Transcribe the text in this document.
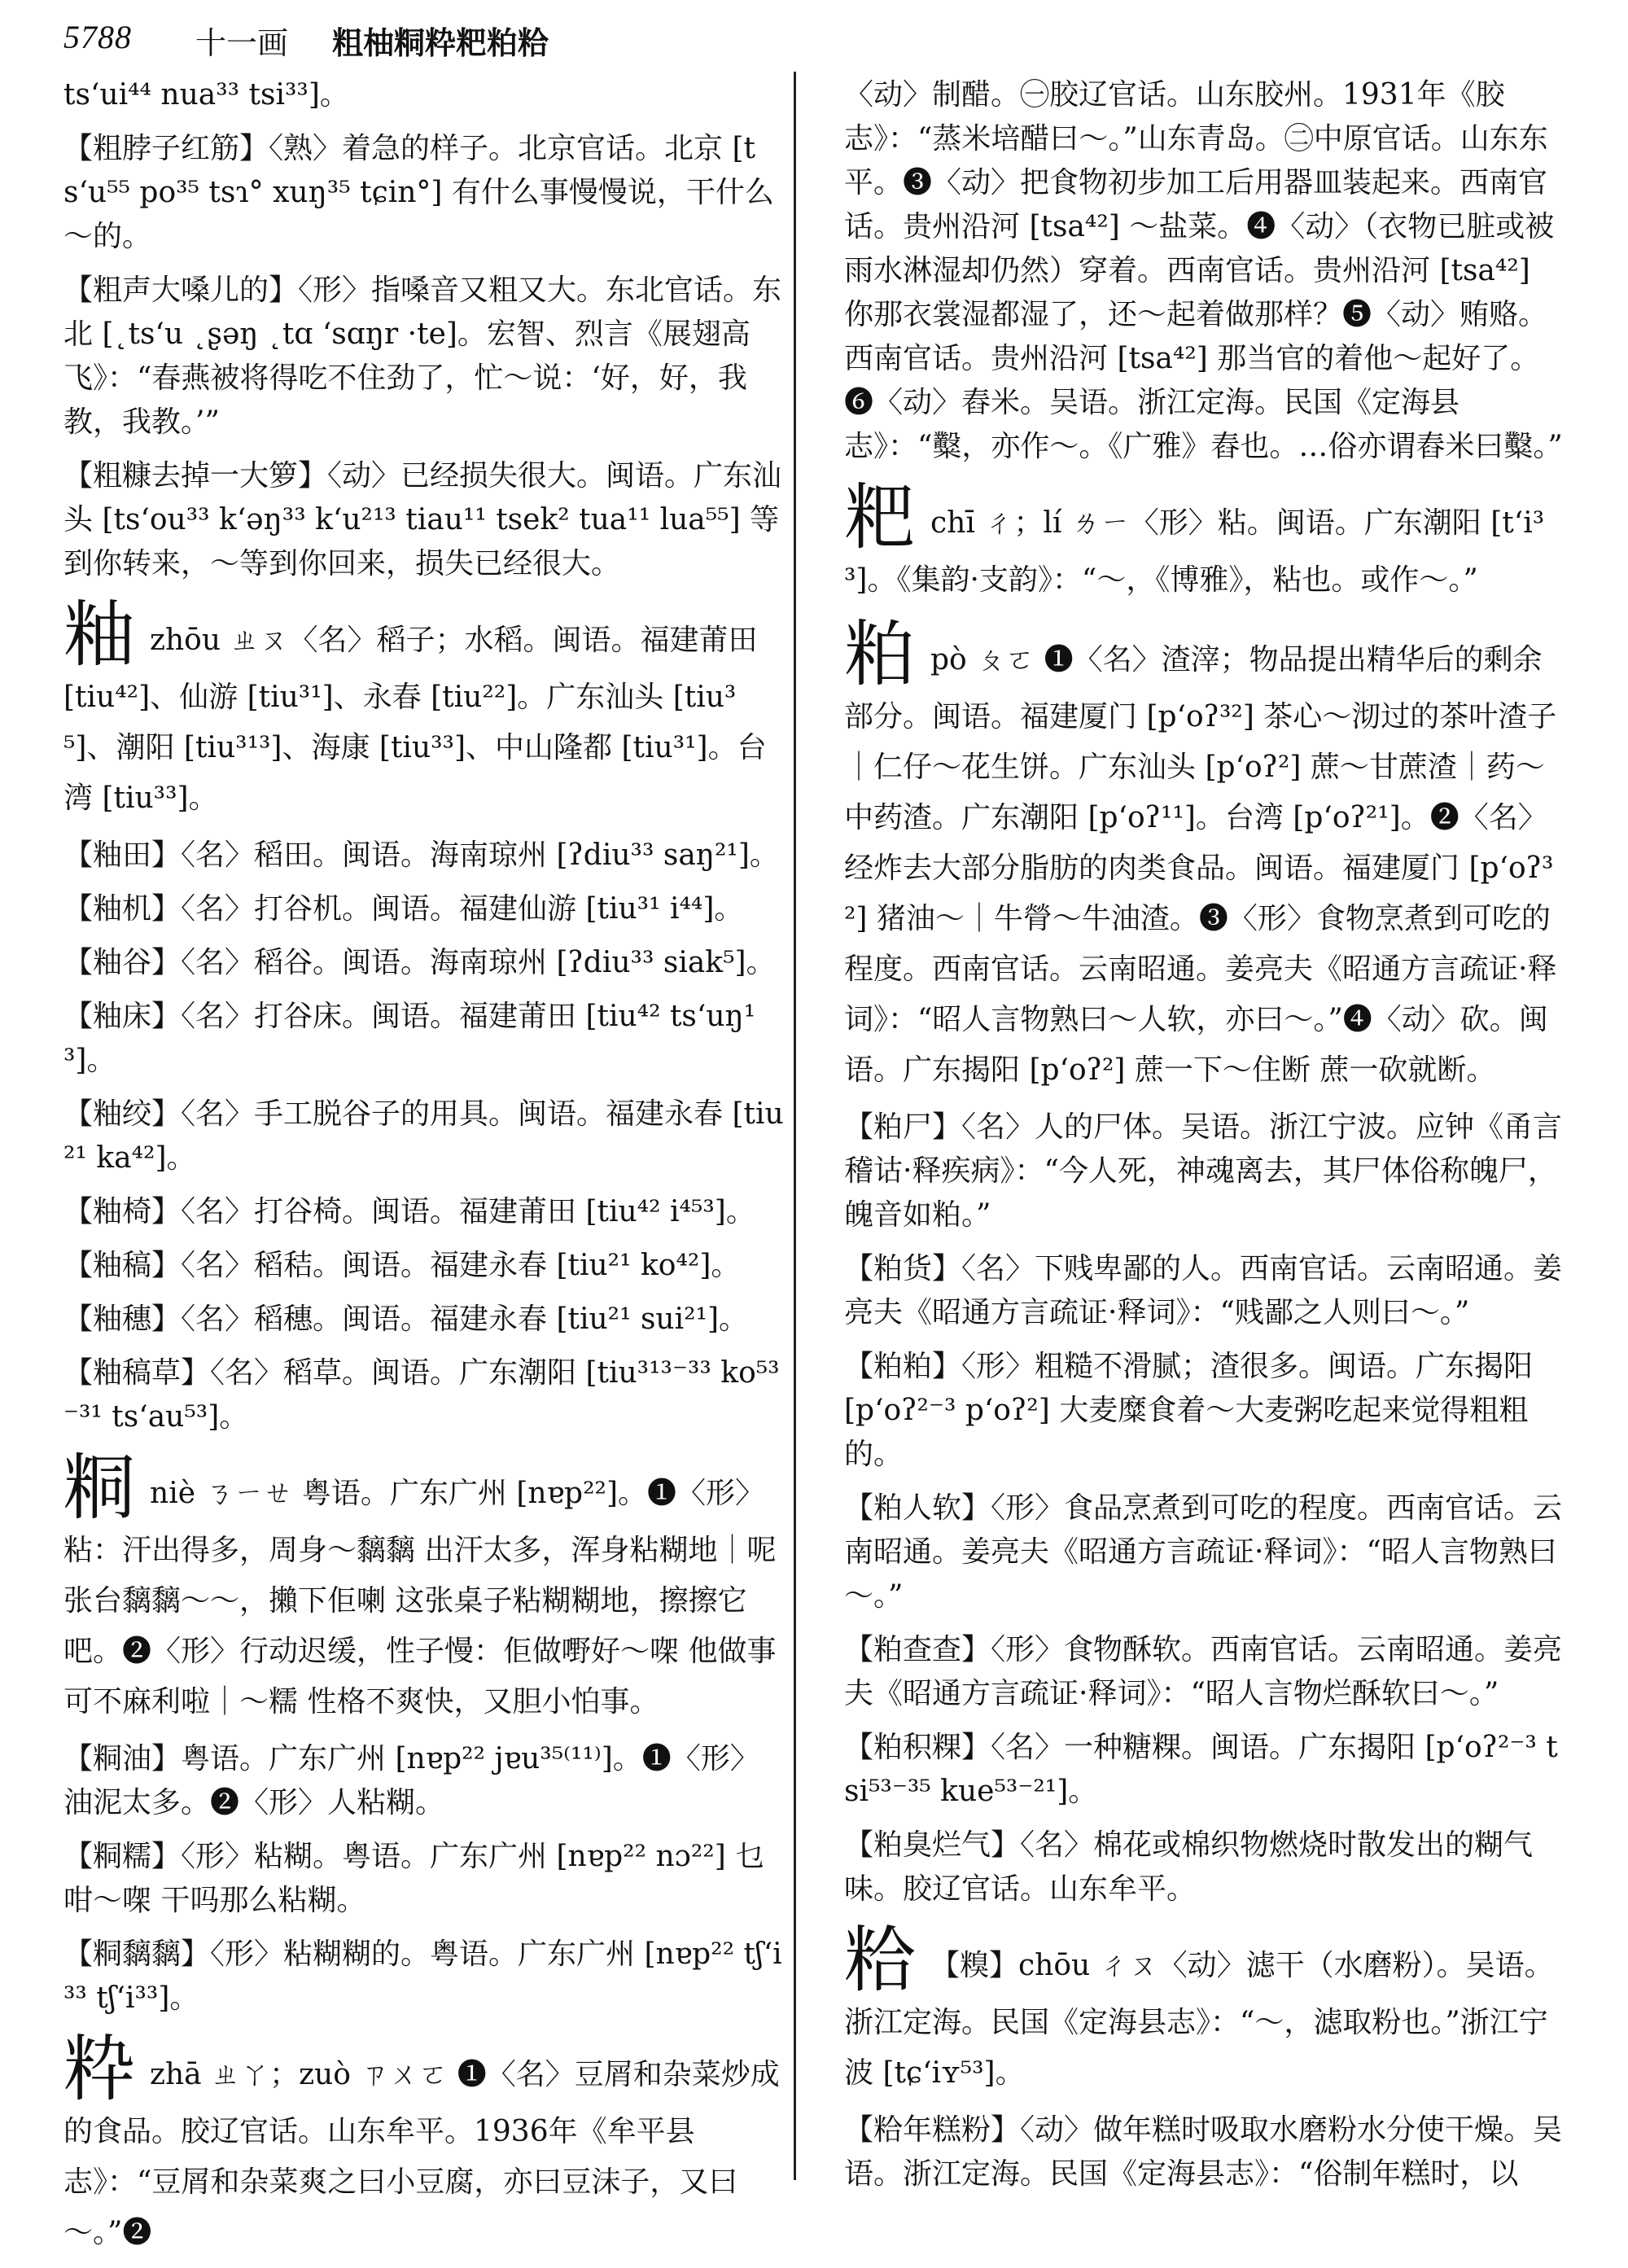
5788 十一画 粗柚粡粋粑粕粭
ts‘ui⁴⁴ nua³³ tsi³³]。
【粗脖子红筋】〈熟〉着急的样子。北京官话。北京 [ts‘u⁵⁵ po³⁵ tsɿ° xuŋ³⁵ tɕin°] 有什么事慢慢说，干什么～的。
【粗声大嗓儿的】〈形〉指嗓音又粗又大。东北官话。东北 [˛ts‘u ˛ʂəŋ ˛tɑ ‘sɑŋr ·te]。宏智、烈言《展翅高飞》：“春燕被将得吃不住劲了，忙～说：‘好，好，我教，我教。’”
【粗糠去掉一大箩】〈动〉已经损失很大。闽语。广东汕头 [ts‘ou³³ k‘əŋ³³ k‘u²¹³ tiau¹¹ tsek² tua¹¹ lua⁵⁵] 等到你转来，～等到你回来，损失已经很大。
粙zhōu ㄓㄡ〈名〉稻子；水稻。闽语。福建莆田 [tiu⁴²]、仙游 [tiu³¹]、永春 [tiu²²]。广东汕头 [tiu³⁵]、潮阳 [tiu³¹³]、海康 [tiu³³]、中山隆都 [tiu³¹]。台湾 [tiu³³]。
【粙田】〈名〉稻田。闽语。海南琼州 [ʔdiu³³ saŋ²¹]。
【粙机】〈名〉打谷机。闽语。福建仙游 [tiu³¹ i⁴⁴]。
【粙谷】〈名〉稻谷。闽语。海南琼州 [ʔdiu³³ siak⁵]。
【粙床】〈名〉打谷床。闽语。福建莆田 [tiu⁴² ts‘uŋ¹³]。
【粙绞】〈名〉手工脱谷子的用具。闽语。福建永春 [tiu²¹ ka⁴²]。
【粙椅】〈名〉打谷椅。闽语。福建莆田 [tiu⁴² i⁴⁵³]。
【粙稿】〈名〉稻秸。闽语。福建永春 [tiu²¹ ko⁴²]。
【粙穗】〈名〉稻穗。闽语。福建永春 [tiu²¹ sui²¹]。
【粙稿草】〈名〉稻草。闽语。广东潮阳 [tiu³¹³⁻³³ ko⁵³⁻³¹ ts‘au⁵³]。
粡niè ㄋㄧㄝ 粤语。广东广州 [nɐp²²]。❶〈形〉粘：汗出得多，周身～黐黐 出汗太多，浑身粘糊地｜呢张台黐黐～～，攋下佢喇 这张桌子粘糊糊地，擦擦它吧。❷〈形〉行动迟缓，性子慢：佢做嘢好～㗎 他做事可不麻利啦｜～糯 性格不爽快，又胆小怕事。
【粡油】粤语。广东广州 [nɐp²² jɐu³⁵⁽¹¹⁾]。❶〈形〉油泥太多。❷〈形〉人粘糊。
【粡糯】〈形〉粘糊。粤语。广东广州 [nɐp²² nɔ²²] 乜咁～㗎 干吗那么粘糊。
【粡黐黐】〈形〉粘糊糊的。粤语。广东广州 [nɐp²² tʃ‘i³³ tʃ‘i³³]。
粋zhā ㄓㄚ；zuò ㄗㄨㄛ ❶〈名〉豆屑和杂菜炒成的食品。胶辽官话。山东牟平。1936年《牟平县志》：“豆屑和杂菜爽之曰小豆腐，亦曰豆沫子，又曰～。”❷
〈动〉制醋。㊀胶辽官话。山东胶州。1931年《胶志》：“蒸米培醋曰～。”山东青岛。㊁中原官话。山东东平。❸〈动〉把食物初步加工后用器皿装起来。西南官话。贵州沿河 [tsa⁴²] ～盐菜。❹〈动〉（衣物已脏或被雨水淋湿却仍然）穿着。西南官话。贵州沿河 [tsa⁴²] 你那衣裳湿都湿了，还～起着做那样？❺〈动〉贿赂。西南官话。贵州沿河 [tsa⁴²] 那当官的着他～起好了。❻〈动〉舂米。吴语。浙江定海。民国《定海县志》：“糳，亦作～。《广雅》舂也。…俗亦谓舂米曰糳。”
粑chī ㄔ；lí ㄌㄧ〈形〉粘。闽语。广东潮阳 [t‘i³³]。《集韵·支韵》：“～，《博雅》，粘也。或作～。”
粕pò ㄆㄛ ❶〈名〉渣滓；物品提出精华后的剩余部分。闽语。福建厦门 [p‘oʔ³²] 茶心～沏过的茶叶渣子｜仁仔～花生饼。广东汕头 [p‘oʔ²] 蔗～甘蔗渣｜药～中药渣。广东潮阳 [p‘oʔ¹¹]。台湾 [p‘oʔ²¹]。❷〈名〉经炸去大部分脂肪的肉类食品。闽语。福建厦门 [p‘oʔ³²] 猪油～｜牛膋～牛油渣。❸〈形〉食物烹煮到可吃的程度。西南官话。云南昭通。姜亮夫《昭通方言疏证·释词》：“昭人言物熟曰～人软，亦曰～。”❹〈动〉砍。闽语。广东揭阳 [p‘oʔ²] 蔗一下～住断 蔗一砍就断。
【粕尸】〈名〉人的尸体。吴语。浙江宁波。应钟《甬言稽诂·释疾病》：“今人死，神魂离去，其尸体俗称魄尸，魄音如粕。”
【粕货】〈名〉下贱卑鄙的人。西南官话。云南昭通。姜亮夫《昭通方言疏证·释词》：“贱鄙之人则曰～。”
【粕粕】〈形〉粗糙不滑腻；渣很多。闽语。广东揭阳 [p‘oʔ²⁻³ p‘oʔ²] 大麦糜食着～大麦粥吃起来觉得粗粗的。
【粕人软】〈形〉食品烹煮到可吃的程度。西南官话。云南昭通。姜亮夫《昭通方言疏证·释词》：“昭人言物熟曰～。”
【粕查查】〈形〉食物酥软。西南官话。云南昭通。姜亮夫《昭通方言疏证·释词》：“昭人言物烂酥软曰～。”
【粕积粿】〈名〉一种糖粿。闽语。广东揭阳 [p‘oʔ²⁻³ tsi⁵³⁻³⁵ kue⁵³⁻²¹]。
【粕臭烂气】〈名〉棉花或棉织物燃烧时散发出的糊气味。胶辽官话。山东牟平。
粭 【糗】chōu ㄔㄡ〈动〉滤干（水磨粉）。吴语。浙江定海。民国《定海县志》：“～，滤取粉也。”浙江宁波 [tɕ‘iʏ⁵³]。
【粭年糕粉】〈动〉做年糕时吸取水磨粉水分使干燥。吴语。浙江定海。民国《定海县志》：“俗制年糕时，以
